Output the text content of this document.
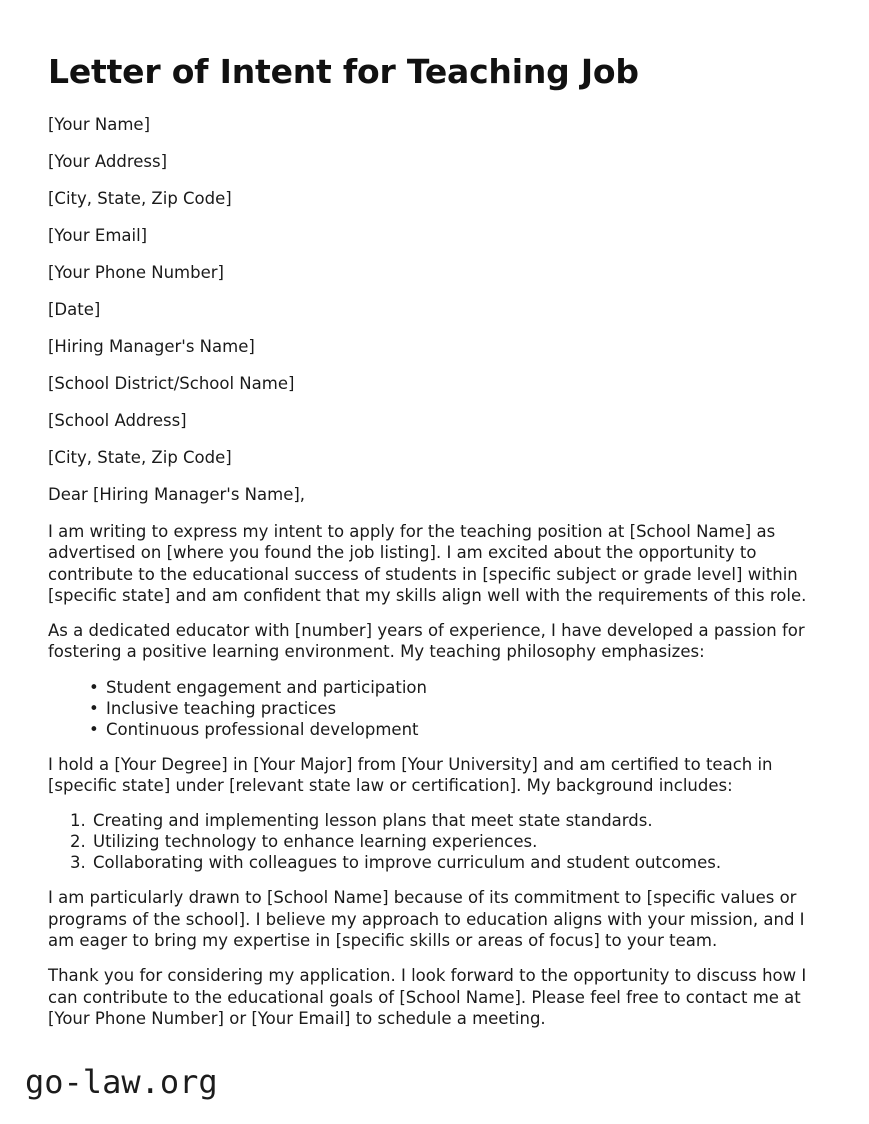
Letter of Intent for Teaching Job

[Your Name]

[Your Address]

[City, State, Zip Code]

[Your Email]

[Your Phone Number]

[Date]

[Hiring Manager's Name]

[School District/School Name]

[School Address]

[City, State, Zip Code]

Dear [Hiring Manager's Name],

I am writing to express my intent to apply for the teaching position at [School Name] as advertised on [where you found the job listing]. I am excited about the opportunity to contribute to the educational success of students in [specific subject or grade level] within [specific state] and am confident that my skills align well with the requirements of this role.

As a dedicated educator with [number] years of experience, I have developed a passion for fostering a positive learning environment. My teaching philosophy emphasizes:

• Student engagement and participation
• Inclusive teaching practices
• Continuous professional development

I hold a [Your Degree] in [Your Major] from [Your University] and am certified to teach in [specific state] under [relevant state law or certification]. My background includes:

Creating and implementing lesson plans that meet state standards.
Utilizing technology to enhance learning experiences.
Collaborating with colleagues to improve curriculum and student outcomes.

I am particularly drawn to [School Name] because of its commitment to [specific values or programs of the school]. I believe my approach to education aligns with your mission, and I am eager to bring my expertise in [specific skills or areas of focus] to your team.

Thank you for considering my application. I look forward to the opportunity to discuss how I can contribute to the educational goals of [School Name]. Please feel free to contact me at [Your Phone Number] or [Your Email] to schedule a meeting.

go-law.org
